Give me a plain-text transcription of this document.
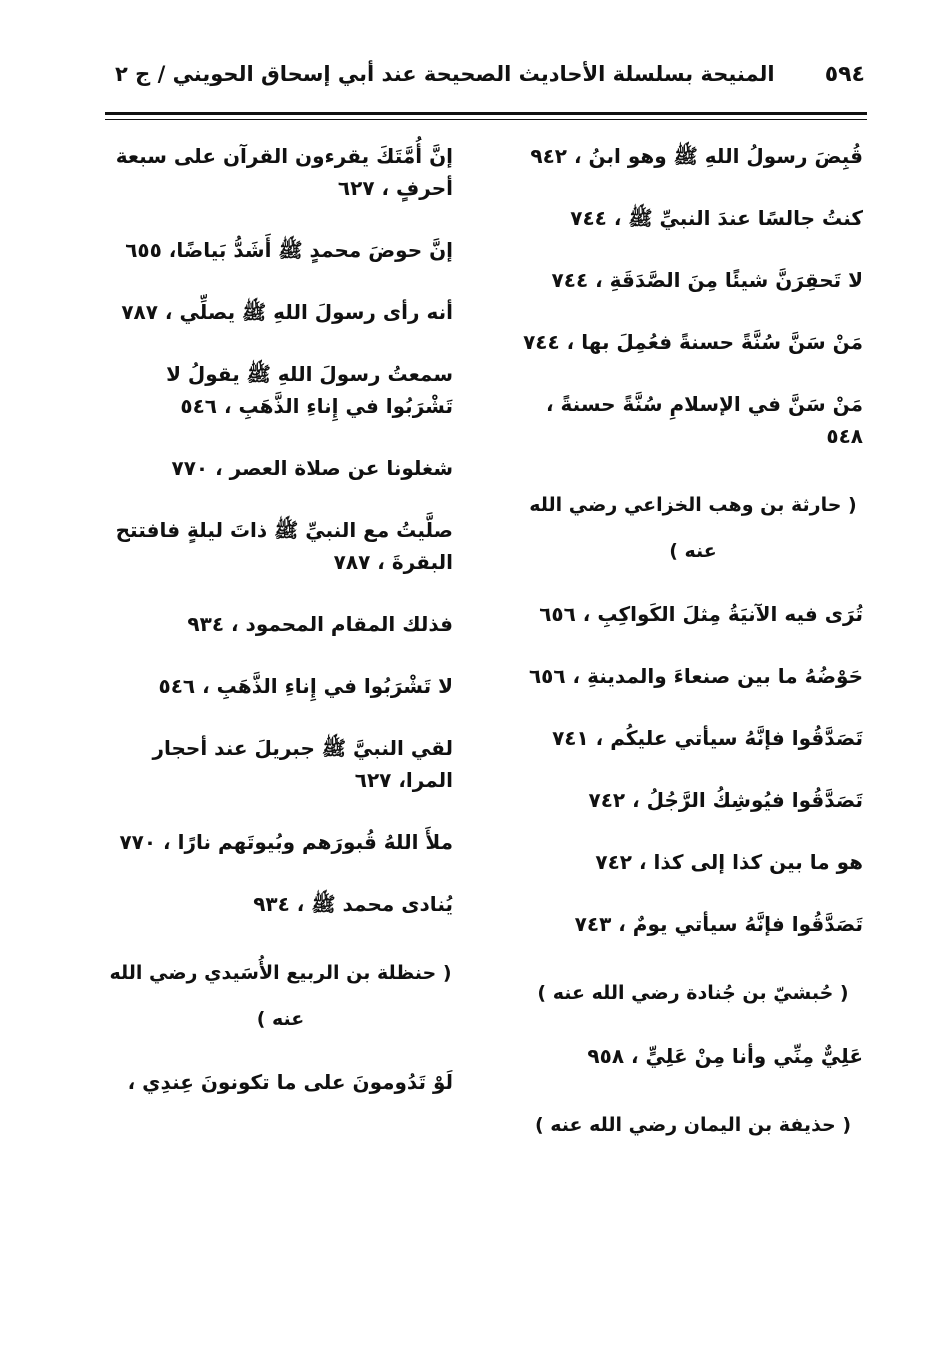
٥٩٤
المنيحة بسلسلة الأحاديث الصحيحة عند أبي إسحاق الحويني / ج ٢
قُبِضَ رسولُ اللهِ ﷺ وهو ابنُ ، ٩٤٢
كنتُ جالسًا عندَ النبيِّ ﷺ ، ٧٤٤
لا تَحقِرَنَّ شيئًا مِنَ الصَّدَقَةِ ، ٧٤٤
مَنْ سَنَّ سُنَّةً حسنةً فعُمِلَ بها ، ٧٤٤
مَنْ سَنَّ في الإسلامِ سُنَّةً حسنةً ، ٥٤٨
( حارثة بن وهب الخزاعي رضي الله عنه )
تُرَى فيه الآنيَةُ مِثلَ الكَواكِبِ ، ٦٥٦
حَوْضُهُ ما بين صنعاءَ والمدينةِ ، ٦٥٦
تَصَدَّقُوا فإنَّهُ سيأتي عليكُم ، ٧٤١
تَصَدَّقُوا فيُوشِكُ الرَّجُلُ ، ٧٤٢
هو ما بين كذا إلى كذا ، ٧٤٢
تَصَدَّقُوا فإنَّهُ سيأتي يومٌ ، ٧٤٣
( حُبشيّ بن جُنادة رضي الله عنه )
عَلِيٌّ مِنِّي وأنا مِنْ عَلِيٍّ ، ٩٥٨
( حذيفة بن اليمان رضي الله عنه )
إنَّ أُمَّتَكَ يقرءون القرآن على سبعة أحرفٍ ، ٦٢٧
إنَّ حوضَ محمدٍ ﷺ أَشَدُّ بَياضًا، ٦٥٥
أنه رأى رسولَ اللهِ ﷺ يصلِّي ، ٧٨٧
سمعتُ رسولَ اللهِ ﷺ يقولُ لا تَشْرَبُوا في إِناءِ الذَّهَبِ ، ٥٤٦
شغلونا عن صلاة العصر ، ٧٧٠
صلَّيتُ مع النبيِّ ﷺ ذاتَ ليلةٍ فافتتح البقرةَ ، ٧٨٧
فذلك المقام المحمود ، ٩٣٤
لا تَشْرَبُوا في إِناءِ الذَّهَبِ ، ٥٤٦
لقي النبيَّ ﷺ جبريلَ عند أحجار المرا، ٦٢٧
ملأَ اللهُ قُبورَهم وبُيوتَهم نارًا ، ٧٧٠
يُنادى محمد ﷺ ، ٩٣٤
( حنظلة بن الربيع الأُسَيدي رضي الله عنه )
لَوْ تَدُومونَ على ما تكونونَ عِندِي ،
